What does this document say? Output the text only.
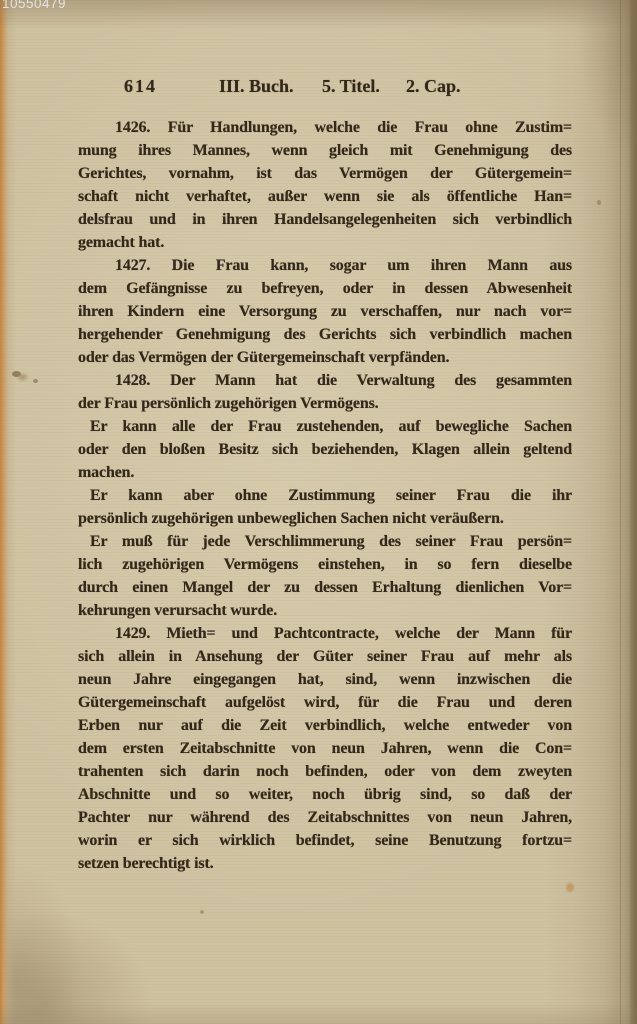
10550479
614	III. Buch. 5. Titel. 2. Cap.
1426. Für Handlungen, welche die Frau ohne Zustim=
mung ihres Mannes, wenn gleich mit Genehmigung des
Gerichtes, vornahm, ist das Vermögen der Gütergemein=
schaft nicht verhaftet, außer wenn sie als öffentliche Han=
delsfrau und in ihren Handelsangelegenheiten sich verbindlich
gemacht hat.
1427. Die Frau kann, sogar um ihren Mann aus
dem Gefängnisse zu befreyen, oder in dessen Abwesenheit
ihren Kindern eine Versorgung zu verschaffen, nur nach vor=
hergehender Genehmigung des Gerichts sich verbindlich machen
oder das Vermögen der Gütergemeinschaft verpfänden.
1428. Der Mann hat die Verwaltung des gesammten
der Frau persönlich zugehörigen Vermögens.
Er kann alle der Frau zustehenden, auf bewegliche Sachen
oder den bloßen Besitz sich beziehenden, Klagen allein geltend
machen.
Er kann aber ohne Zustimmung seiner Frau die ihr
persönlich zugehörigen unbeweglichen Sachen nicht veräußern.
Er muß für jede Verschlimmerung des seiner Frau persön=
lich zugehörigen Vermögens einstehen, in so fern dieselbe
durch einen Mangel der zu dessen Erhaltung dienlichen Vor=
kehrungen verursacht wurde.
1429. Mieth= und Pachtcontracte, welche der Mann für
sich allein in Ansehung der Güter seiner Frau auf mehr als
neun Jahre eingegangen hat, sind, wenn inzwischen die
Gütergemeinschaft aufgelöst wird, für die Frau und deren
Erben nur auf die Zeit verbindlich, welche entweder von
dem ersten Zeitabschnitte von neun Jahren, wenn die Con=
trahenten sich darin noch befinden, oder von dem zweyten
Abschnitte und so weiter, noch übrig sind, so daß der
Pachter nur während des Zeitabschnittes von neun Jahren,
worin er sich wirklich befindet, seine Benutzung fortzu=
setzen berechtigt ist.
